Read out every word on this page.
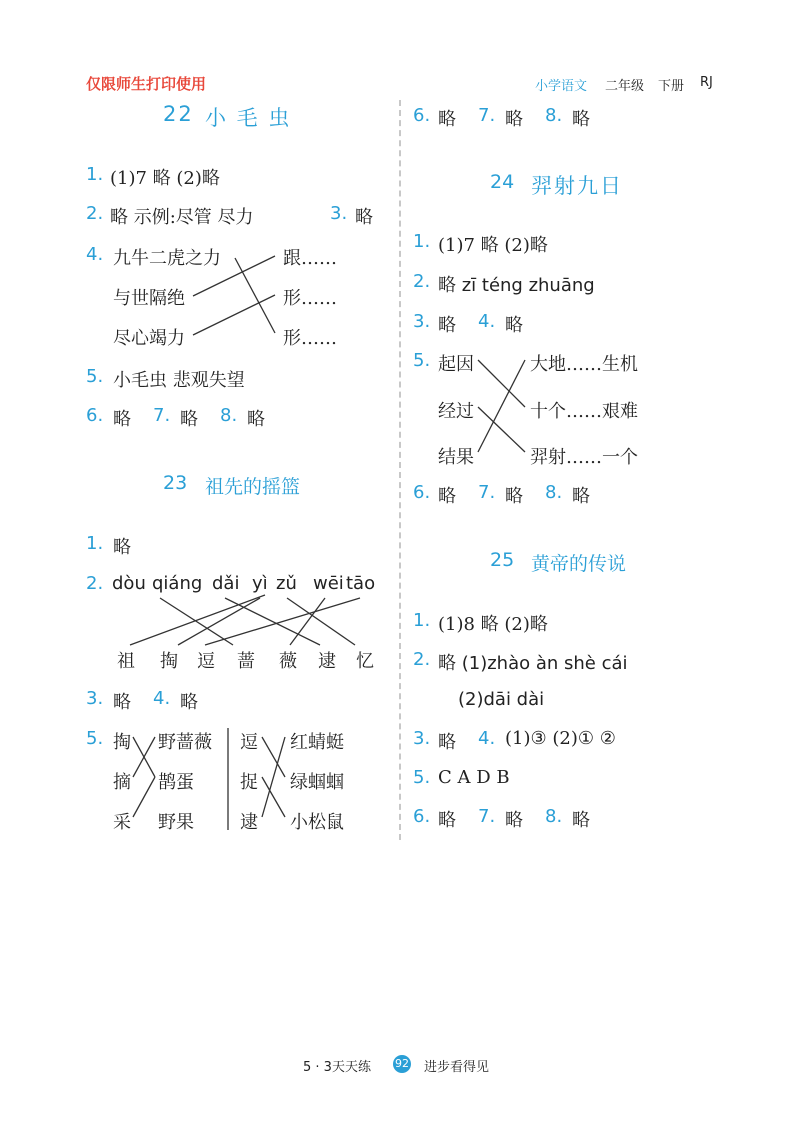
仅限师生打印使用	小学语文 二年级 下册 RJ
22 小 毛 虫
1. (1)7 略 (2)略
2. 略 示例:尽管 尽力	3. 略
4. 九牛二虎之力
与世隔绝
尽心竭力
跟……
形……
形……
5. 小毛虫 悲观失望
6. 略 7. 略 8. 略
23 祖先的摇篮
1. 略
2. dòu qiáng dǎi yì zǔ wēi tāo
祖 掏 逗 蔷 薇 逮 忆
3. 略 4. 略
5. 掏
摘
采
野蔷薇
鹊蛋
野果
逗
捉
逮
红蜻蜓
绿蝈蝈
小松鼠
6. 略 7. 略 8. 略
24 羿射九日
1. (1)7 略 (2)略
2. 略 zī téng zhuāng
3. 略 4. 略
5. 起因
经过
结果
大地……生机
十个……艰难
羿射……一个
6. 略 7. 略 8. 略
25 黄帝的传说
1. (1)8 略 (2)略
2. 略 (1)zhào àn shè cái
(2)dāi dài
3. 略 4. (1)③ (2)① ②
5. C A D B
6. 略 7. 略 8. 略
5 · 3天天练 92 进步看得见
